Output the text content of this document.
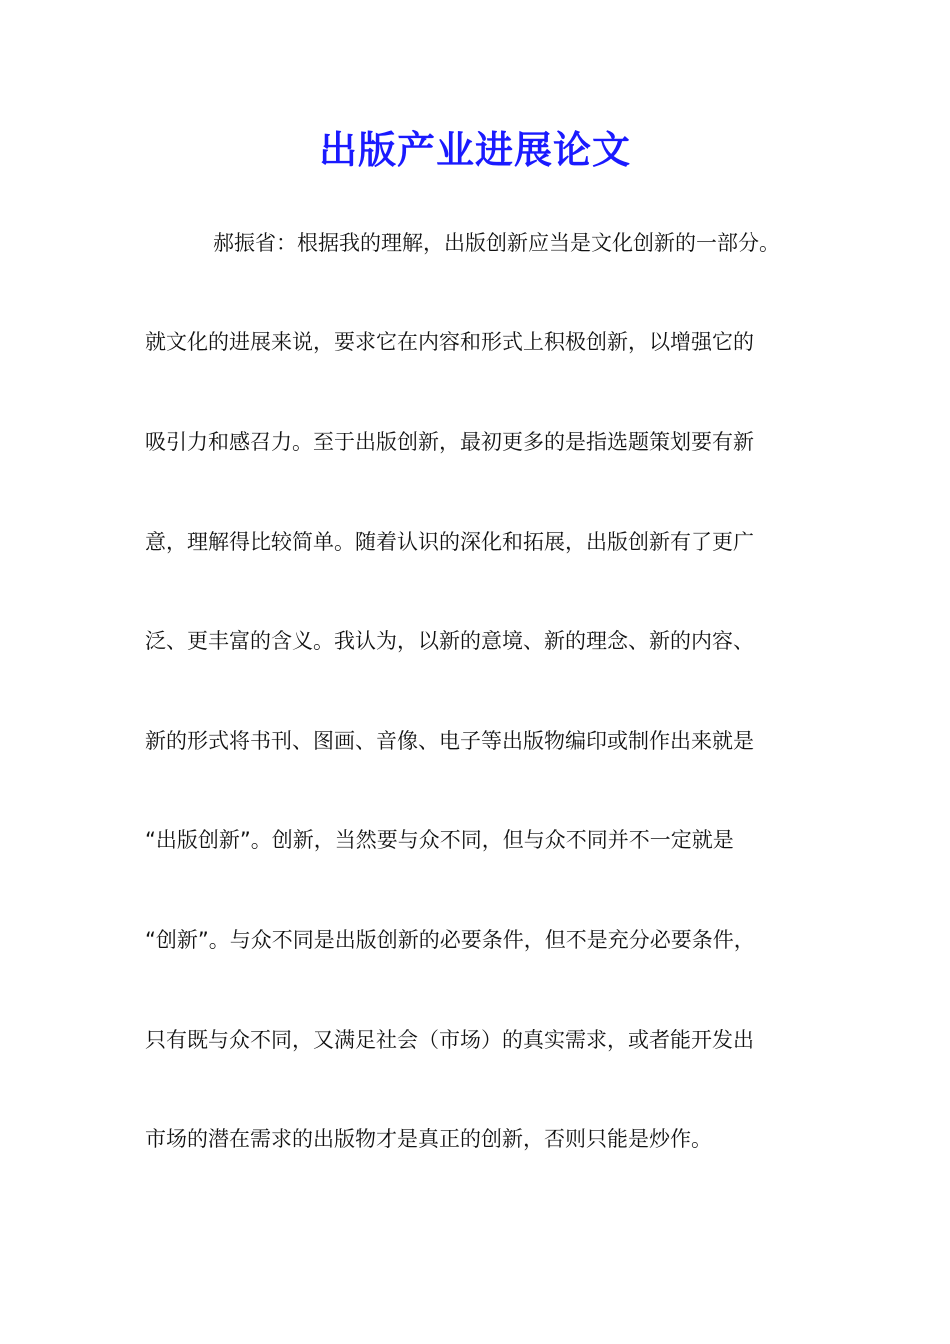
出版产业进展论文
郝振省：根据我的理解，出版创新应当是文化创新的一部分。
就文化的进展来说，要求它在内容和形式上积极创新，以增强它的
吸引力和感召力。至于出版创新，最初更多的是指选题策划要有新
意，理解得比较简单。随着认识的深化和拓展，出版创新有了更广
泛、更丰富的含义。我认为，以新的意境、新的理念、新的内容、
新的形式将书刊、图画、音像、电子等出版物编印或制作出来就是
“出版创新”。创新，当然要与众不同，但与众不同并不一定就是
“创新”。与众不同是出版创新的必要条件，但不是充分必要条件，
只有既与众不同，又满足社会（市场）的真实需求，或者能开发出
市场的潜在需求的出版物才是真正的创新，否则只能是炒作。
